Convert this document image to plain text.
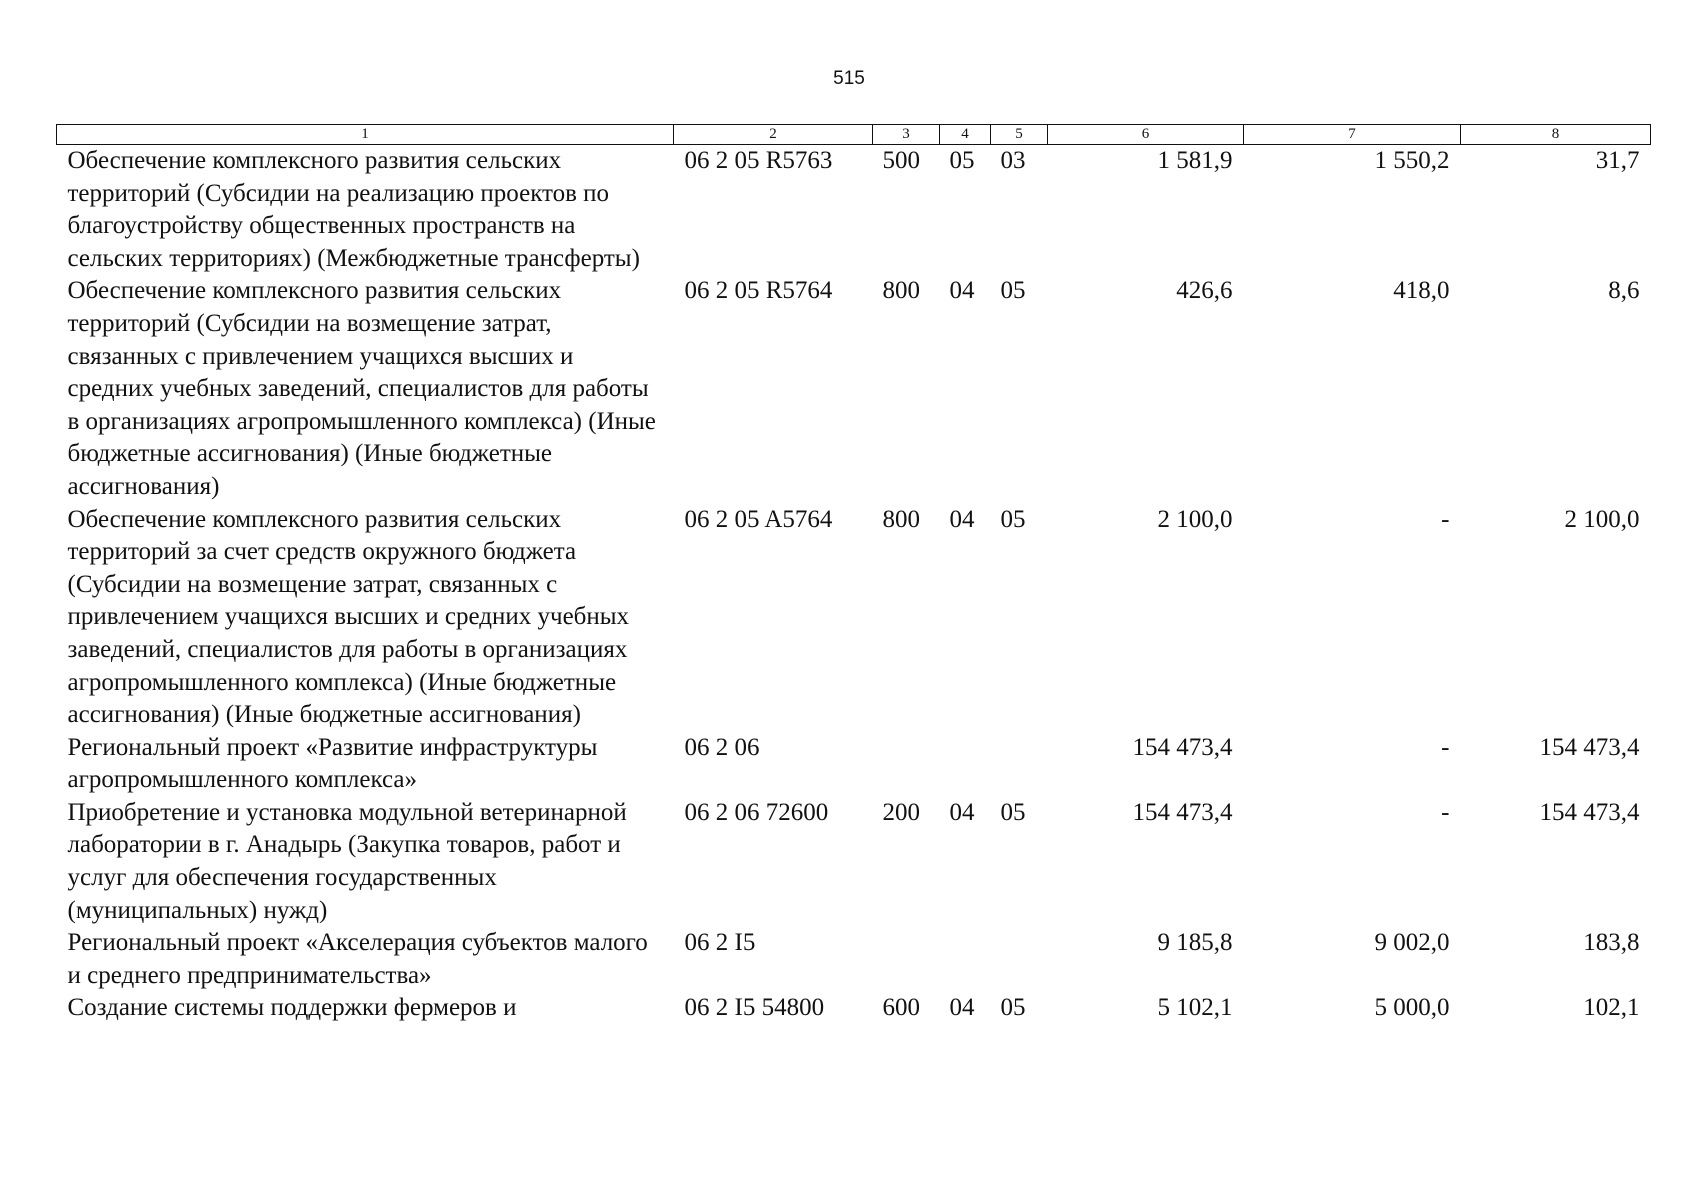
515
1	2	3	4	5	6	7	8
Обеспечение комплексного развития сельских территорий (Субсидии на реализацию проектов по благоустройству общественных пространств на сельских территориях) (Межбюджетные трансферты)	06 2 05 R5763	500	05	03	1 581,9	1 550,2	31,7
Обеспечение комплексного развития сельских территорий (Субсидии на возмещение затрат, связанных с привлечением учащихся высших и средних учебных заведений, специалистов для работы в организациях агропромышленного комплекса) (Иные бюджетные ассигнования) (Иные бюджетные ассигнования)	06 2 05 R5764	800	04	05	426,6	418,0	8,6
Обеспечение комплексного развития сельских территорий за счет средств окружного бюджета (Субсидии на возмещение затрат, связанных с привлечением учащихся высших и средних учебных заведений, специалистов для работы в организациях агропромышленного комплекса) (Иные бюджетные ассигнования) (Иные бюджетные ассигнования)	06 2 05 A5764	800	04	05	2 100,0	-	2 100,0
Региональный проект «Развитие инфраструктуры агропромышленного комплекса»	06 2 06				154 473,4	-	154 473,4
Приобретение и установка модульной ветеринарной лаборатории в г. Анадырь (Закупка товаров, работ и услуг для обеспечения государственных (муниципальных) нужд)	06 2 06 72600	200	04	05	154 473,4	-	154 473,4
Региональный проект «Акселерация субъектов малого и среднего предпринимательства»	06 2 I5				9 185,8	9 002,0	183,8
Создание системы поддержки фермеров и	06 2 I5 54800	600	04	05	5 102,1	5 000,0	102,1
